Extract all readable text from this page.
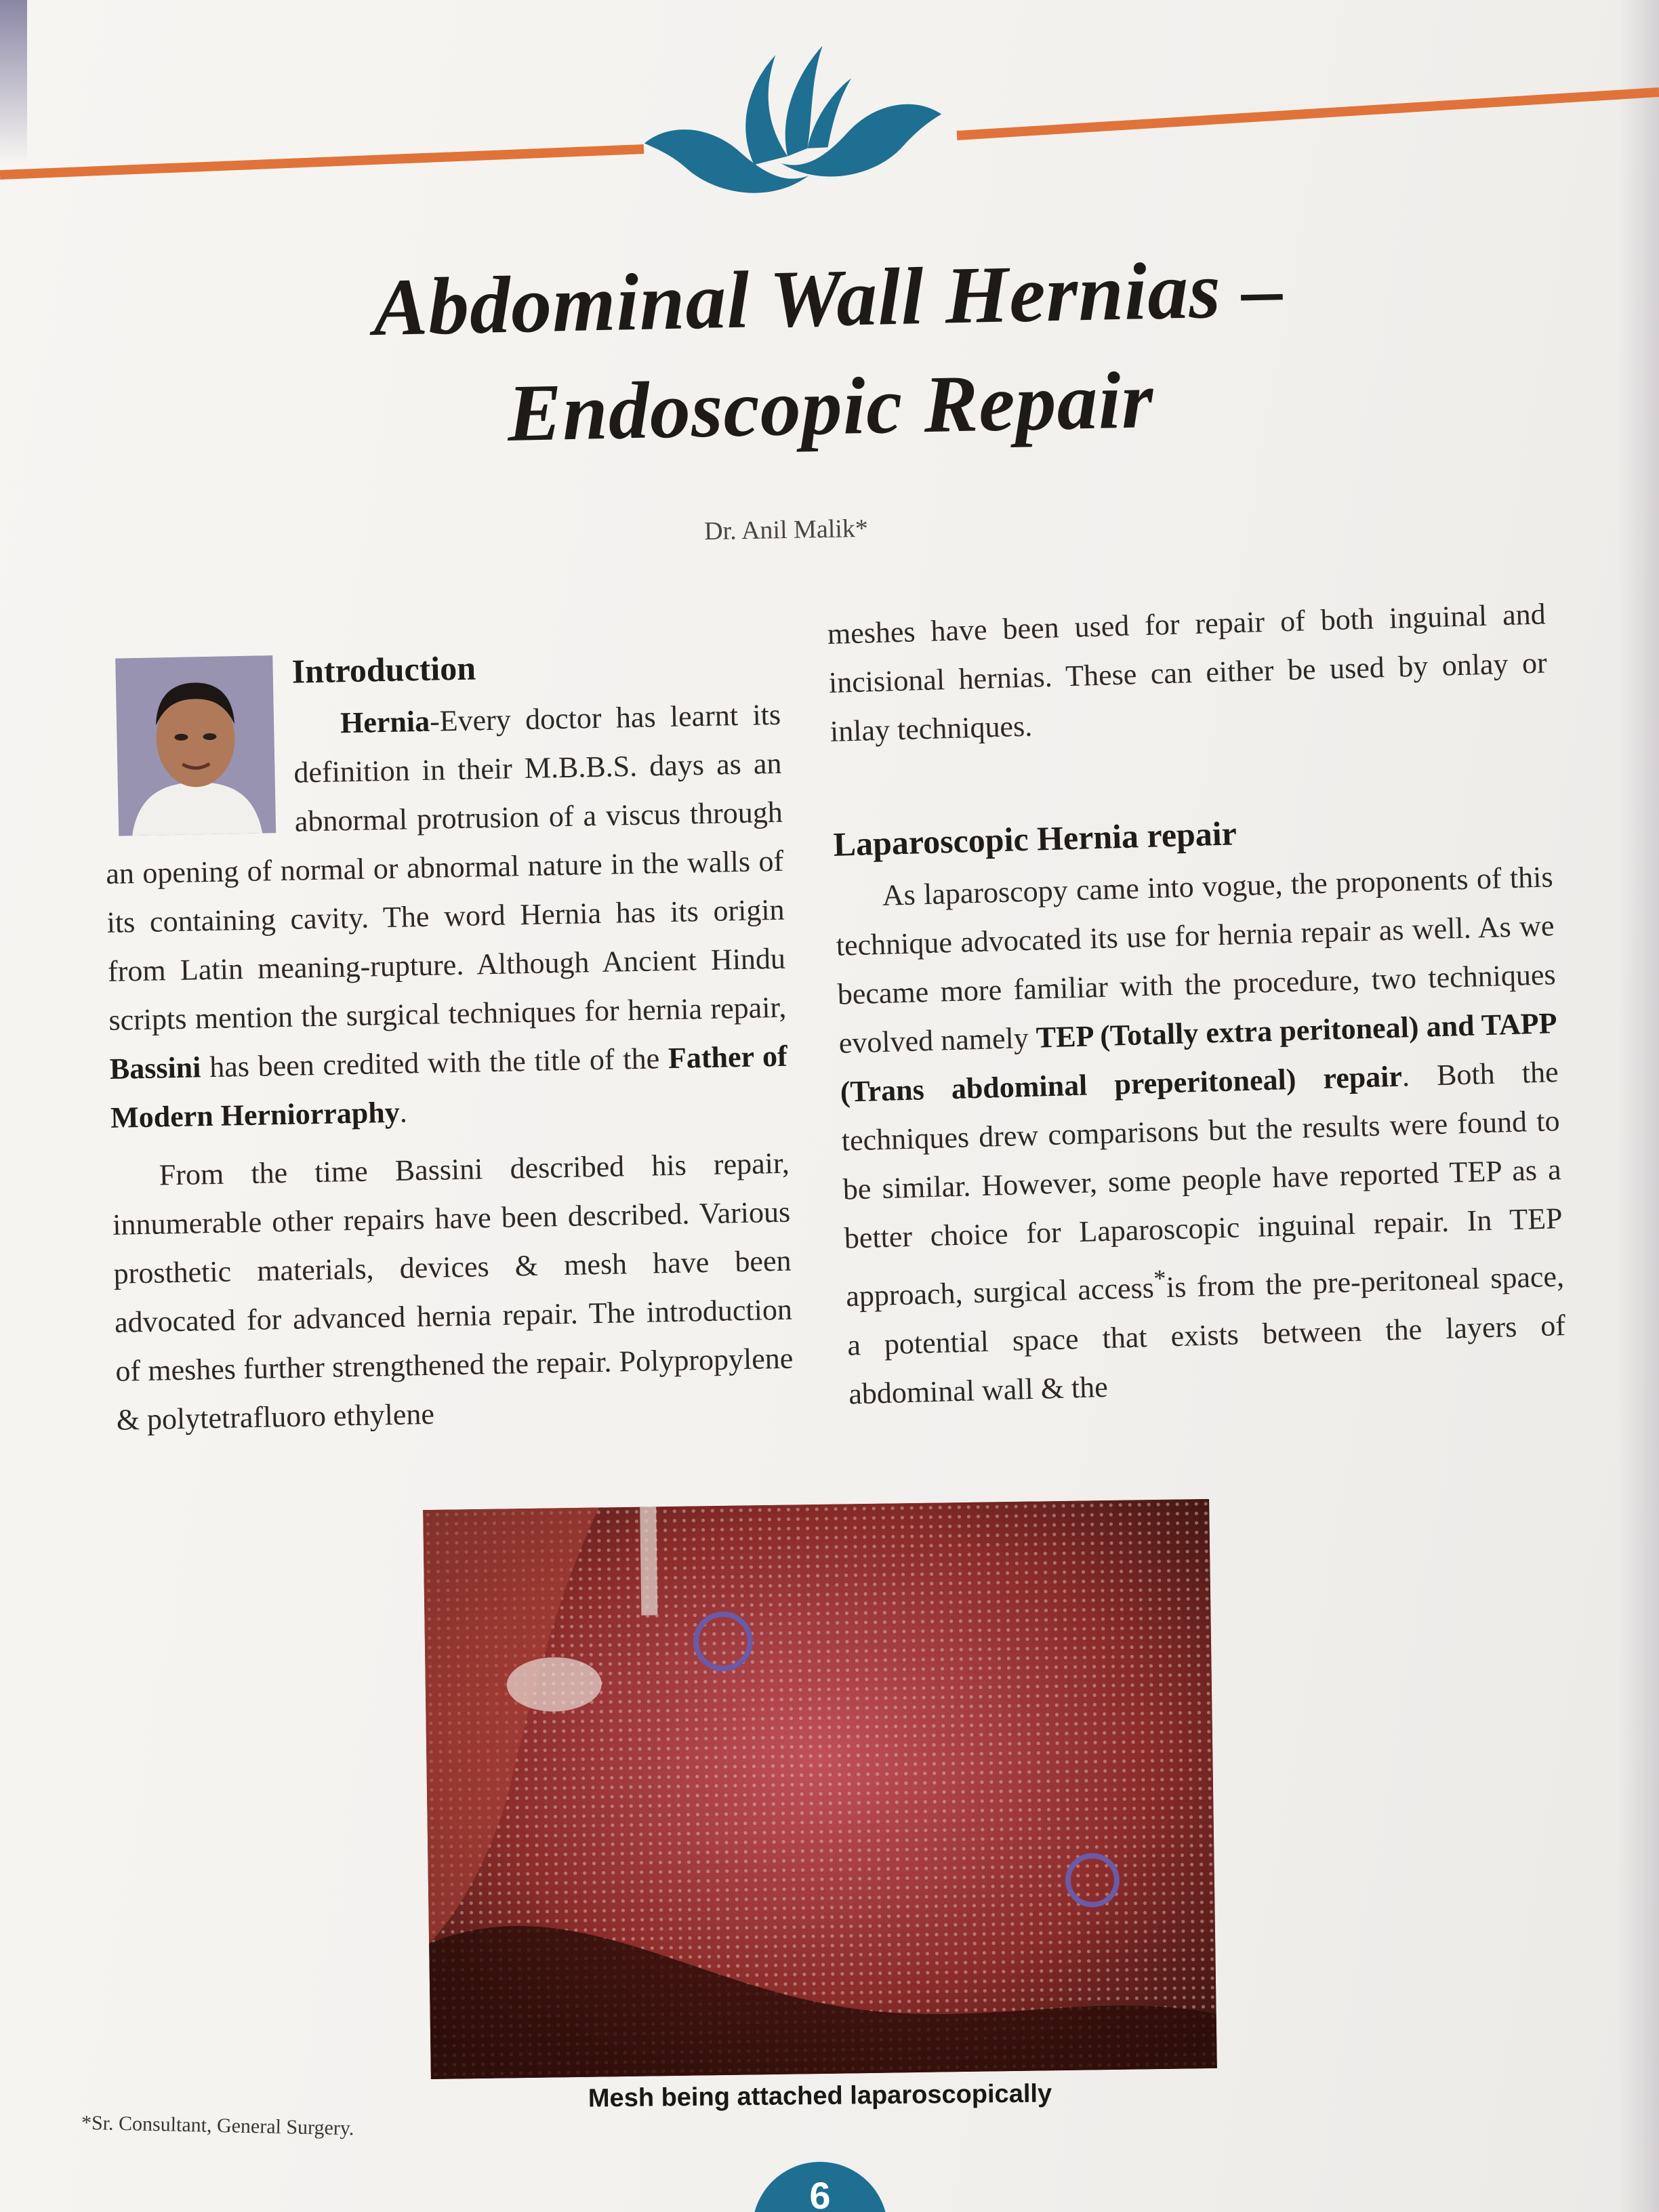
Abdominal Wall Hernias –
Endoscopic Repair
Dr. Anil Malik*
Introduction

Hernia-Every doctor has learnt its definition in their M.B.B.S. days as an abnormal protrusion of a viscus through an opening of normal or abnormal nature in the walls of its containing cavity. The word Hernia has its origin from Latin meaning-rupture. Although Ancient Hindu scripts mention the surgical techniques for hernia repair, Bassini has been credited with the title of the Father of Modern Herniorraphy.

From the time Bassini described his repair, innumerable other repairs have been described. Various prosthetic materials, devices & mesh have been advocated for advanced hernia repair. The introduction of meshes further strengthened the repair. Polypropylene & polytetrafluoro ethylene

meshes have been used for repair of both inguinal and incisional hernias. These can either be used by onlay or inlay techniques.

Laparoscopic Hernia repair

As laparoscopy came into vogue, the proponents of this technique advocated its use for hernia repair as well. As we became more familiar with the procedure, two techniques evolved namely TEP (Totally extra peritoneal) and TAPP (Trans abdominal preperitoneal) repair. Both the techniques drew comparisons but the results were found to be similar. However, some people have reported TEP as a better choice for Laparoscopic inguinal repair. In TEP approach, surgical access*is from the pre-peritoneal space, a potential space that exists between the layers of abdominal wall & the

Mesh being attached laparoscopically
*Sr. Consultant, General Surgery.
6
